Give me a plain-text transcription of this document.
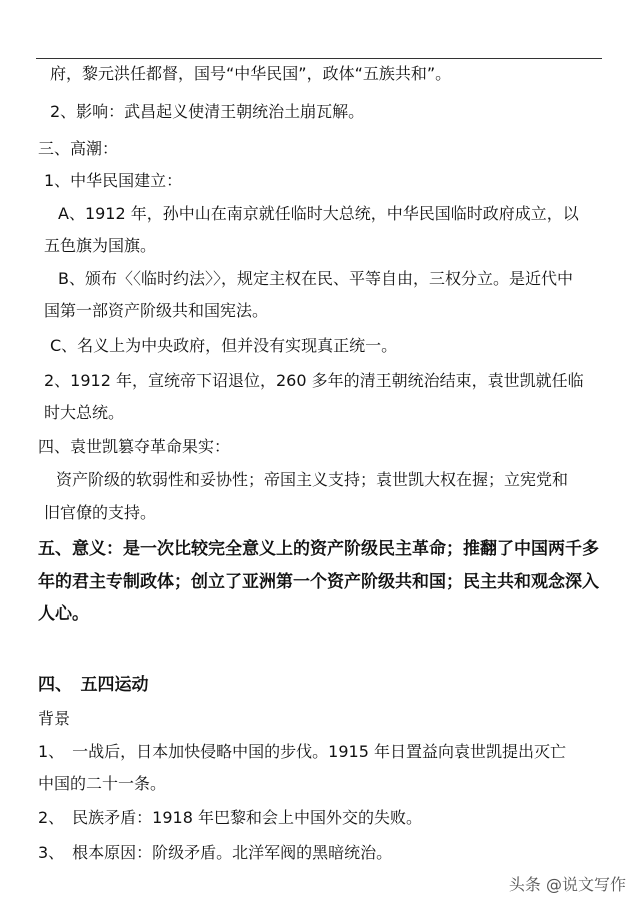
府，黎元洪任都督，国号“中华民国”，政体“五族共和”。
2、影响：武昌起义使清王朝统治土崩瓦解。
三、高潮：
1、中华民国建立：
A、1912 年，孙中山在南京就任临时大总统，中华民国临时政府成立，以
五色旗为国旗。
B、颁布〈〈临时约法〉〉，规定主权在民、平等自由，三权分立。是近代中
国第一部资产阶级共和国宪法。
C、名义上为中央政府，但并没有实现真正统一。
2、1912 年，宣统帝下诏退位，260 多年的清王朝统治结束，袁世凯就任临
时大总统。
四、袁世凯篡夺革命果实：
资产阶级的软弱性和妥协性；帝国主义支持；袁世凯大权在握；立宪党和
旧官僚的支持。
五、意义：是一次比较完全意义上的资产阶级民主革命；推翻了中国两千多
年的君主专制政体；创立了亚洲第一个资产阶级共和国；民主共和观念深入
人心。
四、　五四运动
背景
1、　一战后，日本加快侵略中国的步伐。1915 年日置益向袁世凯提出灭亡
中国的二十一条。
2、　民族矛盾：1918 年巴黎和会上中国外交的失败。
3、　根本原因：阶级矛盾。北洋军阀的黑暗统治。
头条 @说文写作
